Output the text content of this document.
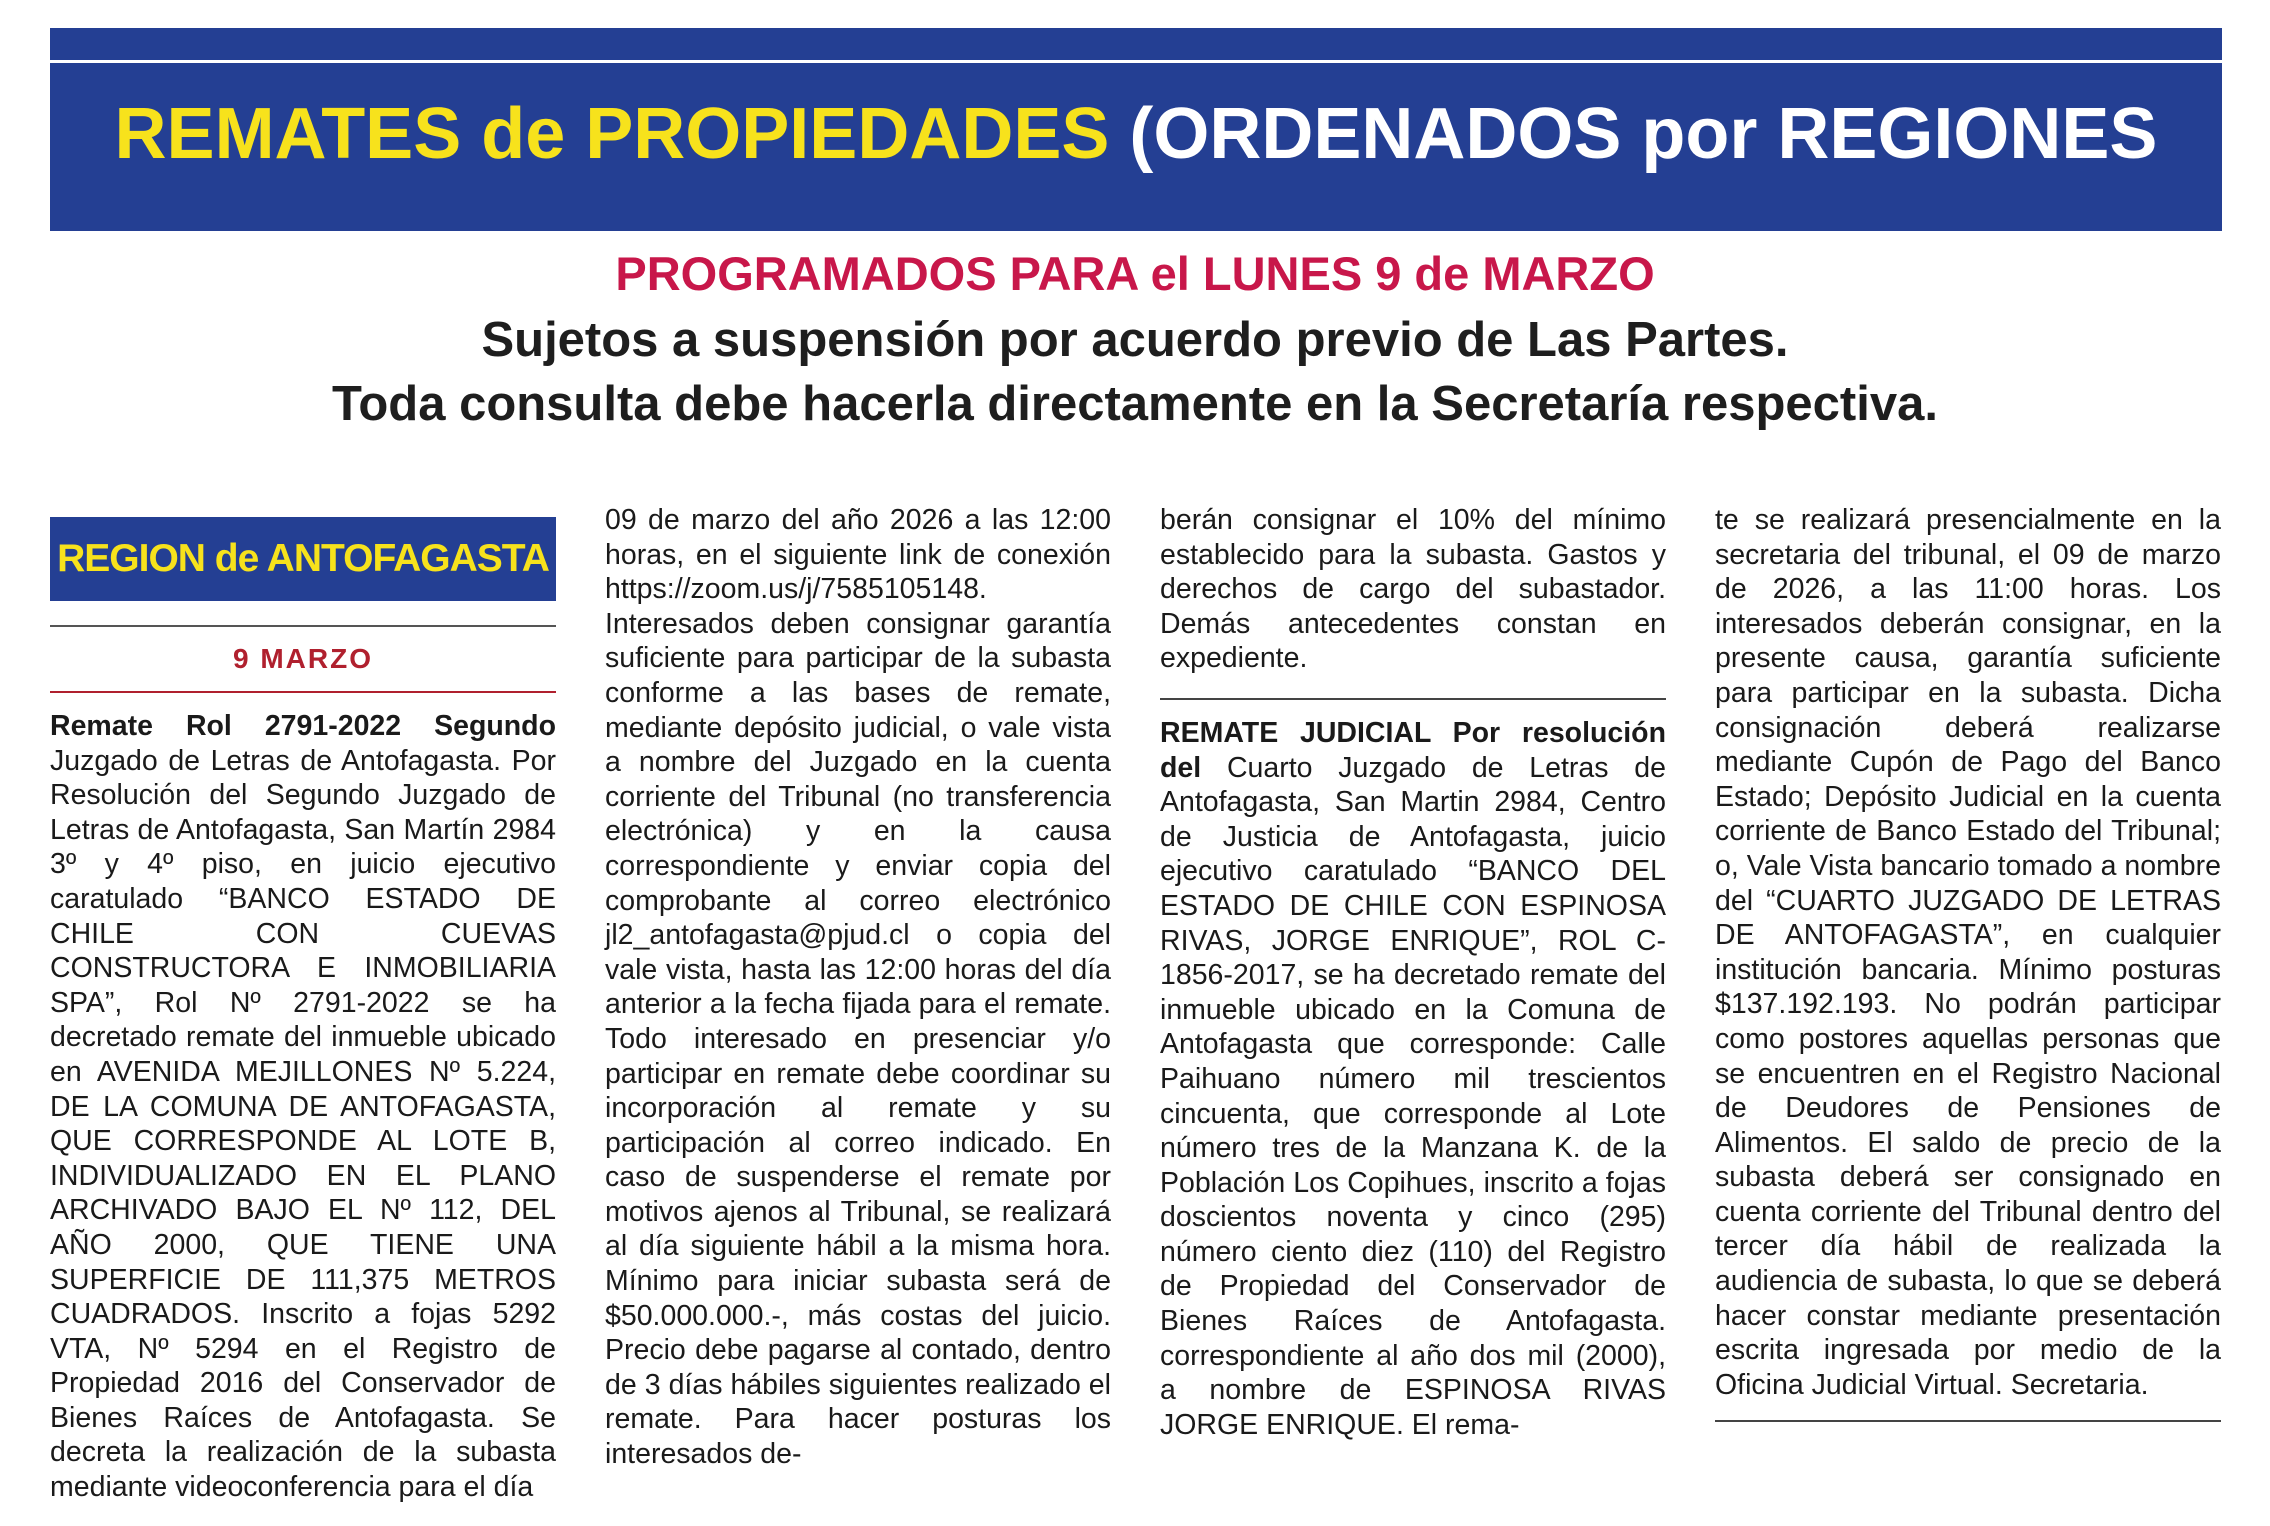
REMATES de PROPIEDADES (ORDENADOS por REGIONES
PROGRAMADOS PARA el LUNES 9 de MARZO
Sujetos a suspensión por acuerdo previo de Las Partes.
Toda consulta debe hacerla directamente en la Secretaría respectiva.
REGION de ANTOFAGASTA
9 MARZO

Remate Rol 2791-2022 Segundo Juzgado de Letras de Antofagasta. Por Resolución del Segundo Juzgado de Letras de Antofagasta, San Martín 2984 3º y 4º piso, en juicio ejecutivo caratulado “BANCO ESTADO DE CHILE CON CUEVAS CONSTRUCTORA E INMOBILIARIA SPA”, Rol Nº 2791-2022 se ha decretado remate del inmueble ubicado en AVENIDA MEJILLONES Nº 5.224, DE LA COMUNA DE ANTOFAGASTA, QUE CORRESPONDE AL LOTE B, INDIVIDUALIZADO EN EL PLANO ARCHIVADO BAJO EL Nº 112, DEL AÑO 2000, QUE TIENE UNA SUPERFICIE DE 111,375 METROS CUADRADOS. Inscrito a fojas 5292 VTA, Nº 5294 en el Registro de Propiedad 2016 del Conservador de Bienes Raíces de Antofagasta. Se decreta la realización de la subasta mediante videoconferencia para el día

09 de marzo del año 2026 a las 12:00 horas, en el siguiente link de conexión https://zoom.us/j/7585105148. Interesados deben consignar garantía suficiente para participar de la subasta conforme a las bases de remate, mediante depósito judicial, o vale vista a nombre del Juzgado en la cuenta corriente del Tribunal (no transferencia electrónica) y en la causa correspondiente y enviar copia del comprobante al correo electrónico jl2_antofagasta@pjud.cl o copia del vale vista, hasta las 12:00 horas del día anterior a la fecha fijada para el remate. Todo interesado en presenciar y/o participar en remate debe coordinar su incorporación al remate y su participación al correo indicado. En caso de suspenderse el remate por motivos ajenos al Tribunal, se realizará al día siguiente hábil a la misma hora. Mínimo para iniciar subasta será de $50.000.000.-, más costas del juicio. Precio debe pagarse al contado, dentro de 3 días hábiles siguientes realizado el remate. Para hacer posturas los interesados de-

berán consignar el 10% del mínimo establecido para la subasta. Gastos y derechos de cargo del subastador. Demás antecedentes constan en expediente.

REMATE JUDICIAL Por resolución del Cuarto Juzgado de Letras de Antofagasta, San Martin 2984, Centro de Justicia de Antofagasta, juicio ejecutivo caratulado “BANCO DEL ESTADO DE CHILE CON ESPINOSA RIVAS, JORGE ENRIQUE”, ROL C-1856-2017, se ha decretado remate del inmueble ubicado en la Comuna de Antofagasta que corresponde: Calle Paihuano número mil trescientos cincuenta, que corresponde al Lote número tres de la Manzana K. de la Población Los Copihues, inscrito a fojas doscientos noventa y cinco (295) número ciento diez (110) del Registro de Propiedad del Conservador de Bienes Raíces de Antofagasta. correspondiente al año dos mil (2000), a nombre de ESPINOSA RIVAS JORGE ENRIQUE. El rema-

te se realizará presencialmente en la secretaria del tribunal, el 09 de marzo de 2026, a las 11:00 horas. Los interesados deberán consignar, en la presente causa, garantía suficiente para participar en la subasta. Dicha consignación deberá realizarse mediante Cupón de Pago del Banco Estado; Depósito Judicial en la cuenta corriente de Banco Estado del Tribunal; o, Vale Vista bancario tomado a nombre del “CUARTO JUZGADO DE LETRAS DE ANTOFAGASTA”, en cualquier institución bancaria. Mínimo posturas $137.192.193. No podrán participar como postores aquellas personas que se encuentren en el Registro Nacional de Deudores de Pensiones de Alimentos. El saldo de precio de la subasta deberá ser consignado en cuenta corriente del Tribunal dentro del tercer día hábil de realizada la audiencia de subasta, lo que se deberá hacer constar mediante presentación escrita ingresada por medio de la Oficina Judicial Virtual. Secretaria.
